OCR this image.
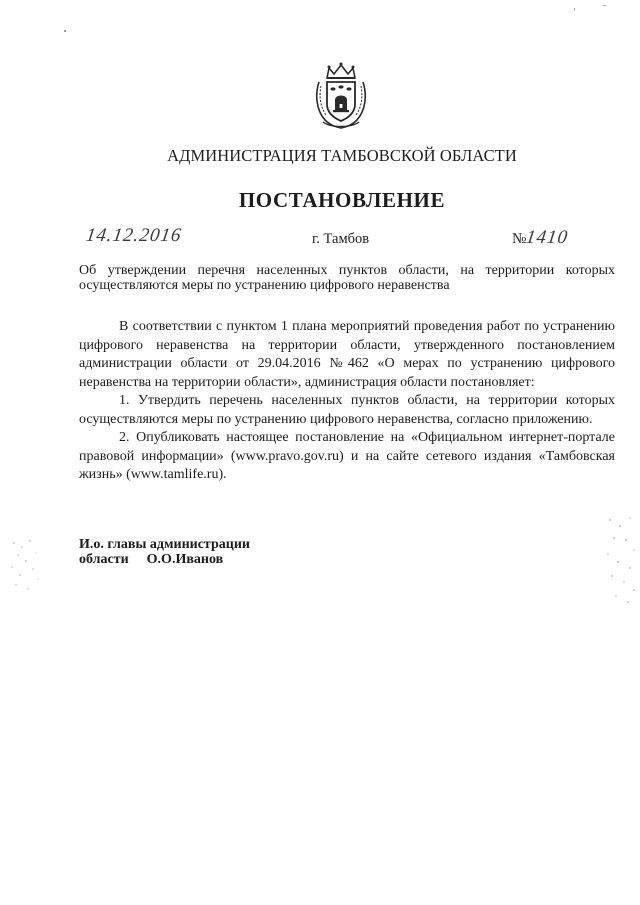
АДМИНИСТРАЦИЯ ТАМБОВСКОЙ ОБЛАСТИ
ПОСТАНОВЛЕНИЕ
14.12.2016	г. Тамбов	№1410
Об утверждении перечня населенных пунктов области, на территории которых осуществляются меры по устранению цифрового неравенства

В соответствии с пунктом 1 плана мероприятий проведения работ по устранению цифрового неравенства на территории области, утвержденного постановлением администрации области от 29.04.2016 №462 «О мерах по устранению цифрового неравенства на территории области», администрация области постановляет:

1. Утвердить перечень населенных пунктов области, на территории которых осуществляются меры по устранению цифрового неравенства, согласно приложению.

2. Опубликовать настоящее постановление на «Официальном интернет-портале правовой информации» (www.pravo.gov.ru) и на сайте сетевого издания «Тамбовская жизнь» (www.tamlife.ru).

И.о. главы администрации
области О.О.Иванов
